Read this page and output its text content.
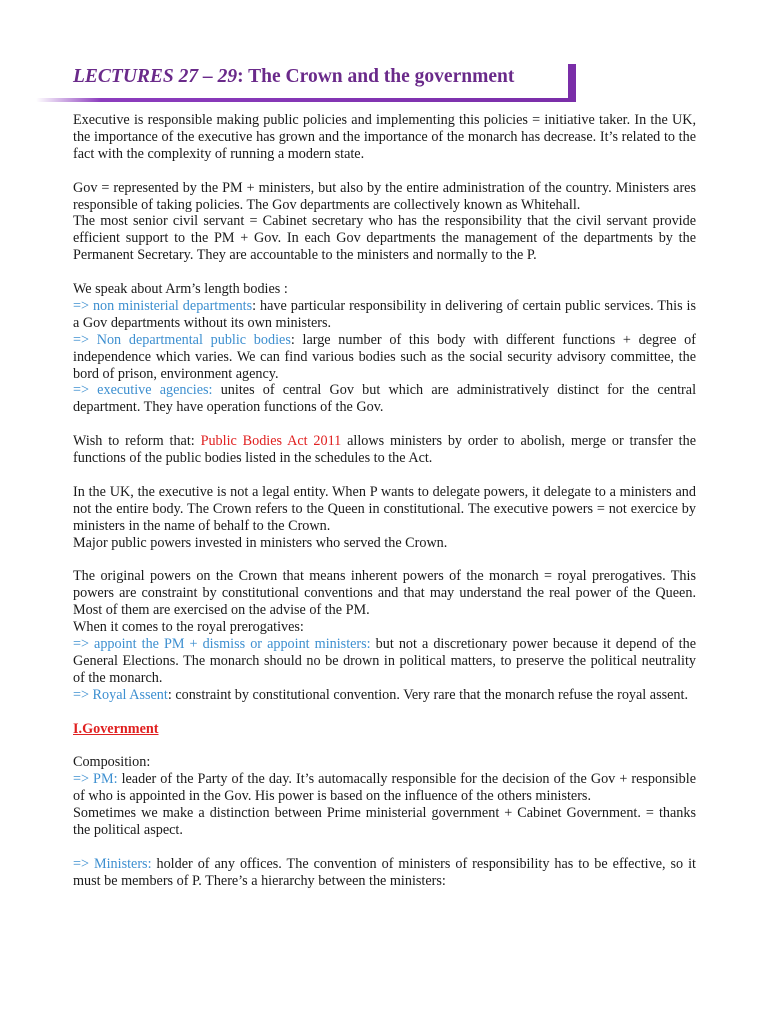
LECTURES 27 – 29: The Crown and the government

Executive is responsible making public policies and implementing this policies = initiative taker. In the UK, the importance of the executive has grown and the importance of the monarch has decrease. It’s related to the fact with the complexity of running a modern state.

Gov = represented by the PM + ministers, but also by the entire administration of the country. Ministers ares responsible of taking policies. The Gov departments are collectively known as Whitehall.

The most senior civil servant = Cabinet secretary who has the responsibility that the civil servant provide efficient support to the PM + Gov. In each Gov departments the management of the departments by the Permanent Secretary. They are accountable to the ministers and normally to the P.

We speak about Arm’s length bodies :
=> non ministerial departments: have particular responsibility in delivering of certain public services. This is a Gov departments without its own ministers.
=> Non departmental public bodies: large number of this body with different functions + degree of independence which varies. We can find various bodies such as the social security advisory committee, the bord of prison, environment agency.
=> executive agencies: unites of central Gov but which are administratively distinct for the central department. They have operation functions of the Gov.

Wish to reform that: Public Bodies Act 2011 allows ministers by order to abolish, merge or transfer the functions of the public bodies listed in the schedules to the Act.

In the UK, the executive is not a legal entity. When P wants to delegate powers, it delegate to a ministers and not the entire body. The Crown refers to the Queen in constitutional. The executive powers = not exercice by ministers in the name of behalf to the Crown.

Major public powers invested in ministers who served the Crown.

The original powers on the Crown that means inherent powers of the monarch = royal prerogatives. This powers are constraint by constitutional conventions and that may understand the real power of the Queen. Most of them are exercised on the advise of the PM.
When it comes to the royal prerogatives:
=> appoint the PM + dismiss or appoint ministers: but not a discretionary power because it depend of the General Elections. The monarch should no be drown in political matters, to preserve the political neutrality of the monarch.
=> Royal Assent: constraint by constitutional convention. Very rare that the monarch refuse the royal assent.

I.Government

Composition:
=> PM: leader of the Party of the day. It’s automacally responsible for the decision of the Gov + responsible of who is appointed in the Gov. His power is based on the influence of the others ministers.
Sometimes we make a distinction between Prime ministerial government + Cabinet Government. = thanks the political aspect.

=> Ministers: holder of any offices. The convention of ministers of responsibility has to be effective, so it must be members of P. There’s a hierarchy between the ministers:
